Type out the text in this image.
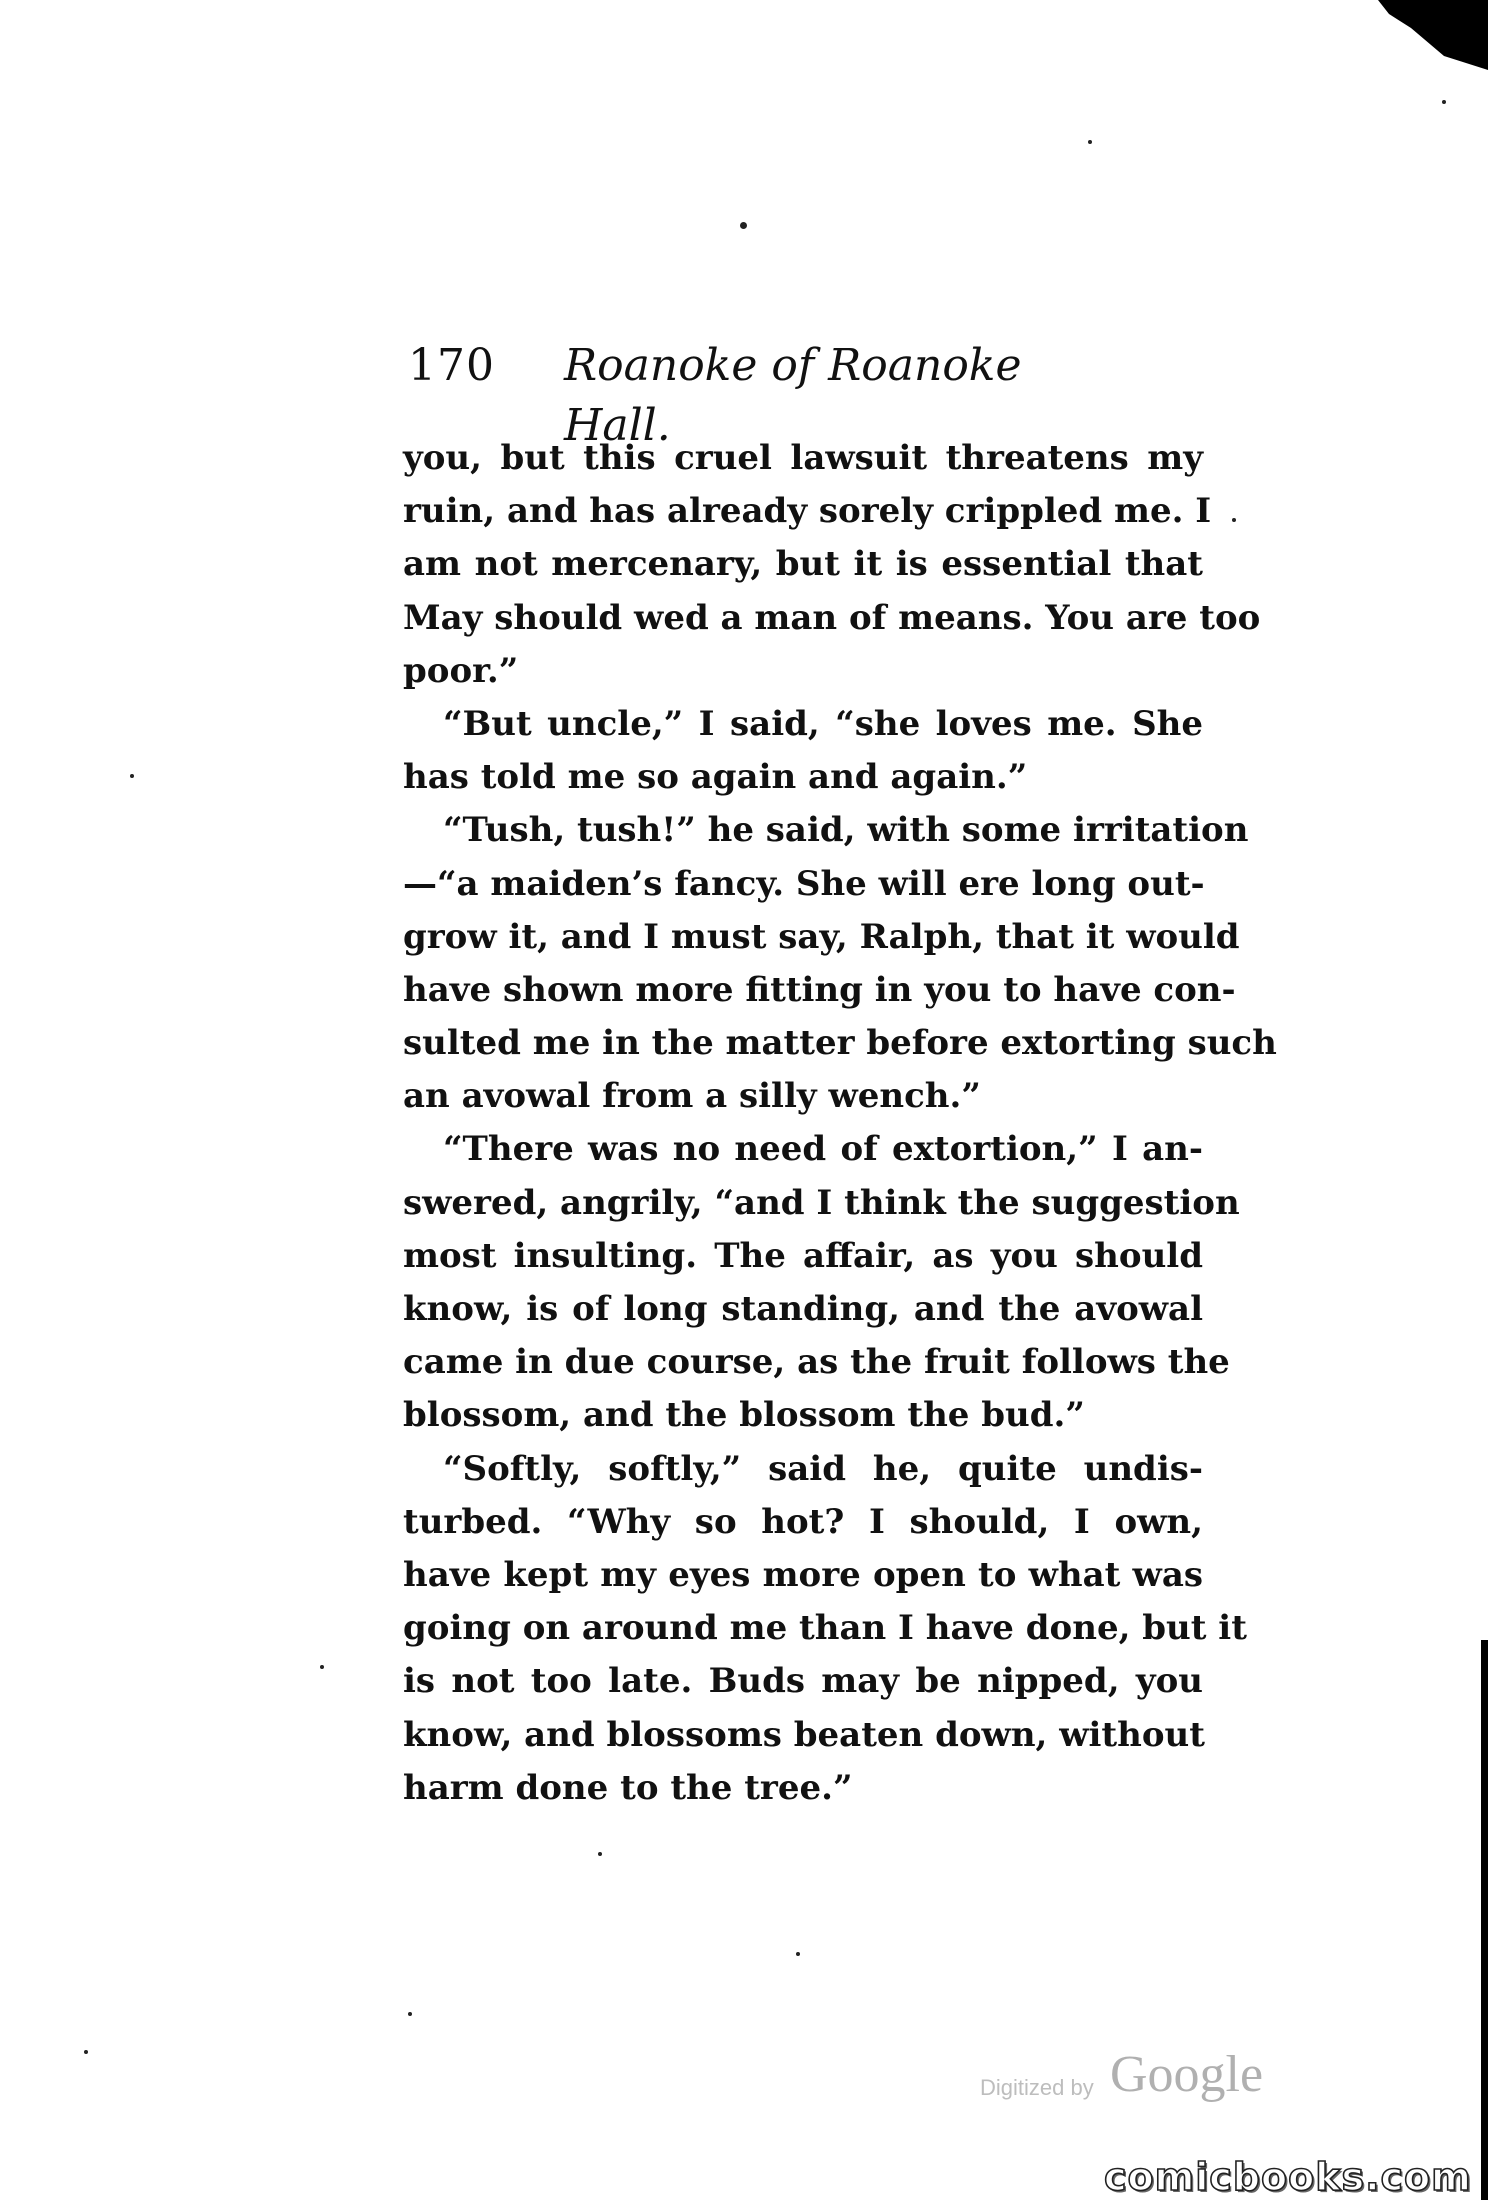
170 Roanoke of Roanoke Hall.
you, but this cruel lawsuit threatens my
ruin, and has already sorely crippled me. I
am not mercenary, but it is essential that
May should wed a man of means. You are too
poor.”
“But uncle,” I said, “she loves me. She
has told me so again and again.”
“Tush, tush!” he said, with some irritation
—“a maiden’s fancy. She will ere long out-
grow it, and I must say, Ralph, that it would
have shown more fitting in you to have con-
sulted me in the matter before extorting such
an avowal from a silly wench.”
“There was no need of extortion,” I an-
swered, angrily, “and I think the suggestion
most insulting. The affair, as you should
know, is of long standing, and the avowal
came in due course, as the fruit follows the
blossom, and the blossom the bud.”
“Softly, softly,” said he, quite undis-
turbed. “Why so hot? I should, I own,
have kept my eyes more open to what was
going on around me than I have done, but it
is not too late. Buds may be nipped, you
know, and blossoms beaten down, without
harm done to the tree.”
Digitized by Google
comicbooks.com
